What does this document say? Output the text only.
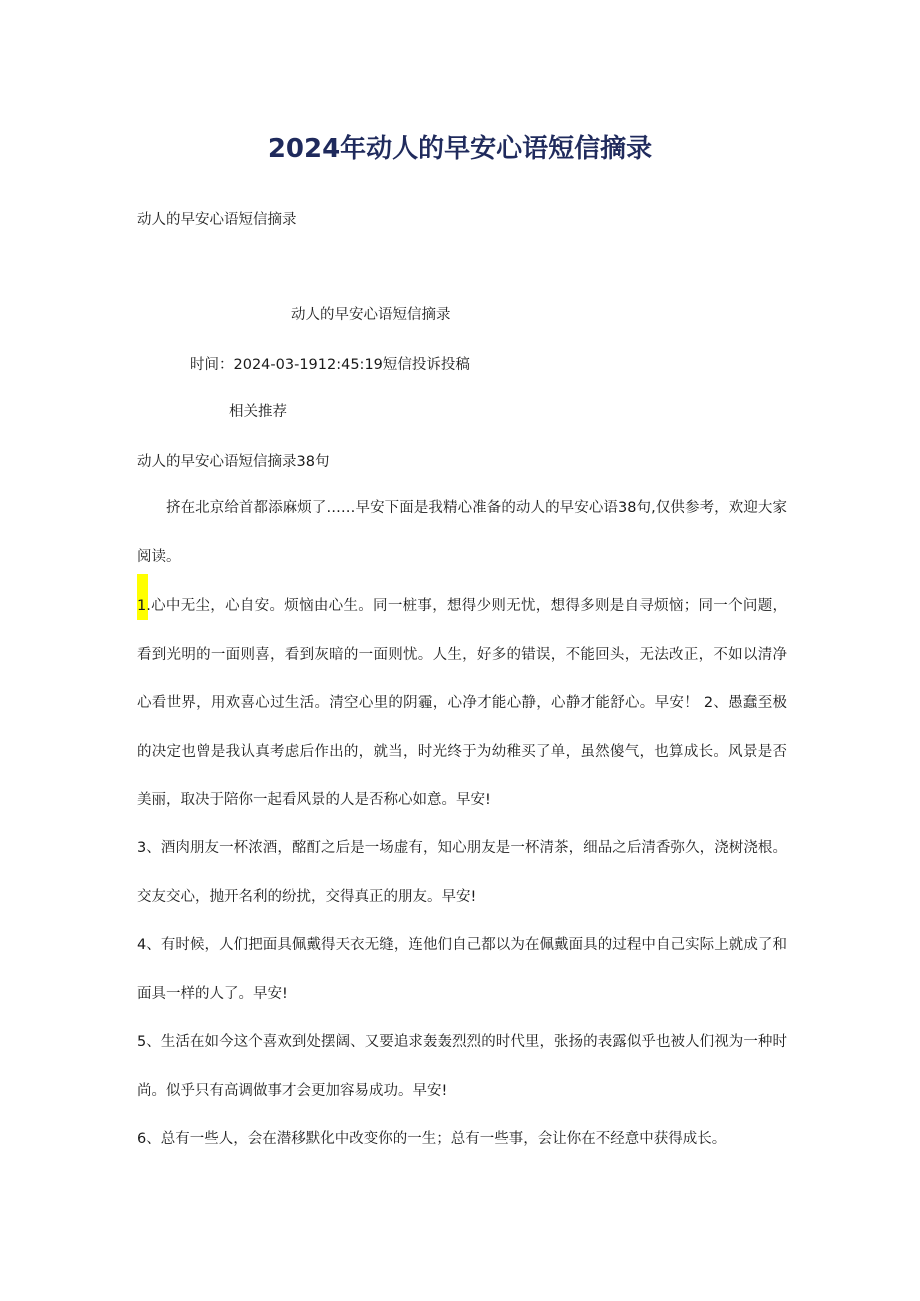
2024年动人的早安心语短信摘录

动人的早安心语短信摘录

动人的早安心语短信摘录

时间：2024-03-1912:45:19短信投诉投稿

相关推荐

动人的早安心语短信摘录38句

挤在北京给首都添麻烦了……早安下面是我精心准备的动人的早安心语38句,仅供参考，欢迎大家阅读。

1.心中无尘，心自安。烦恼由心生。同一桩事，想得少则无忧，想得多则是自寻烦恼；同一个问题，看到光明的一面则喜，看到灰暗的一面则忧。人生，好多的错误，不能回头，无法改正，不如以清净心看世界，用欢喜心过生活。清空心里的阴霾，心净才能心静，心静才能舒心。早安！ 2、愚蠢至极的决定也曾是我认真考虑后作出的，就当，时光终于为幼稚买了单，虽然傻气，也算成长。风景是否美丽，取决于陪你一起看风景的人是否称心如意。早安!

3、酒肉朋友一杯浓酒，酩酊之后是一场虚有，知心朋友是一杯清茶，细品之后清香弥久，浇树浇根。交友交心，抛开名利的纷扰，交得真正的朋友。早安!

4、有时候，人们把面具佩戴得天衣无缝，连他们自己都以为在佩戴面具的过程中自己实际上就成了和面具一样的人了。早安!

5、生活在如今这个喜欢到处摆阔、又要追求轰轰烈烈的时代里，张扬的表露似乎也被人们视为一种时尚。似乎只有高调做事才会更加容易成功。早安!

6、总有一些人，会在潜移默化中改变你的一生；总有一些事，会让你在不经意中获得成长。
